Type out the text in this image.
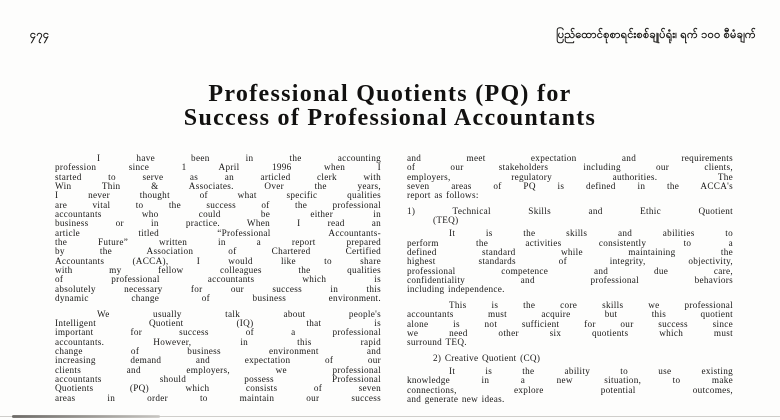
၄၇၄	ပြည်ထောင်စုစာရင်းစစ်ချုပ်ရုံး၊ ရက် ၁၀၀ စီမံချက်
Professional Quotients (PQ) for
Success of Professional Accountants
I have been in the accounting
profession since 1 April 1996 when I
started to serve as an articled clerk with
Win Thin & Associates. Over the years,
I never thought of what specific qualities
are vital to the success of the professional
accountants who could be either in
business or in practice. When I read an
article titled “Professional Accountants-
the Future” written in a report prepared
by the Association of Chartered Certified
Accountants (ACCA), I would like to share
with my fellow colleagues the qualities
of professional accountants which is
absolutely necessary for our success in this
dynamic change of business environment.
We usually talk about people's
Intelligent Quotient (IQ) that is
important for success of a professional
accountants. However, in this rapid
change of business environment and
increasing demand and expectation of our
clients and employers, we professional
accountants should possess Professional
Quotients (PQ) which consists of seven
areas in order to maintain our success
and meet expectation and requirements
of our stakeholders including our clients,
employers, regulatory authorities. The
seven areas of PQ is defined in the ACCA's
report as follows:
1) Technical Skills and Ethic Quotient
(TEQ)
It is the skills and abilities to
perform the activities consistently to a
defined standard while maintaining the
highest standards of integrity, objectivity,
professional competence and due care,
confidentiality and professional behaviors
including independence.
This is the core skills we professional
accountants must acquire but this quotient
alone is not sufficient for our success since
we need other six quotients which must
surround TEQ.
2) Creative Quotient (CQ)
It is the ability to use existing
knowledge in a new situation, to make
connections, explore potential outcomes,
and generate new ideas.
